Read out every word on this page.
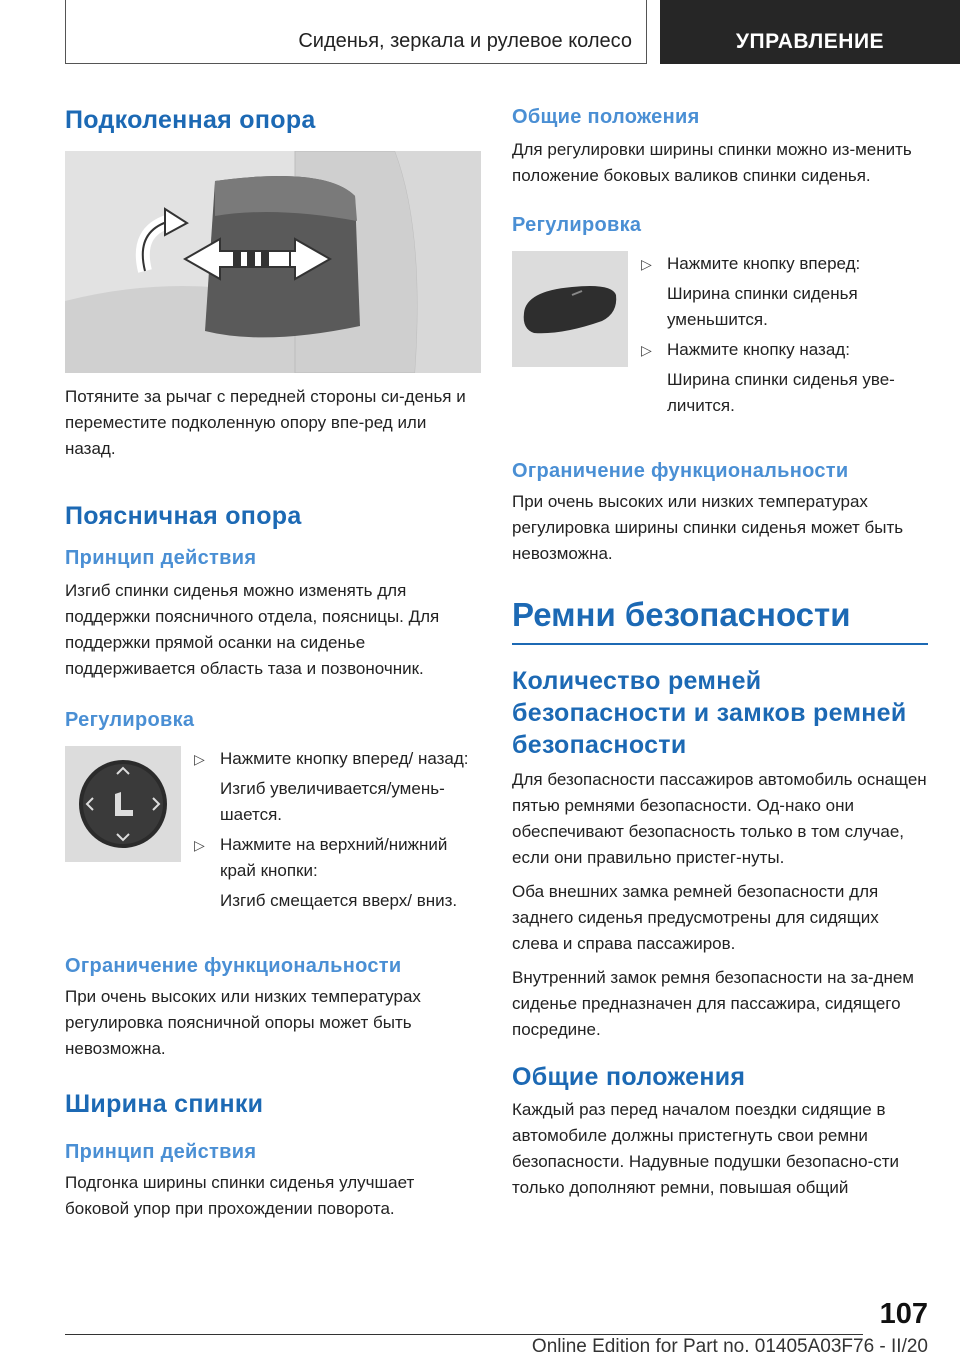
Сиденья, зеркала и рулевое колесо	УПРАВЛЕНИЕ
Подколенная опора

Потяните за рычаг с передней стороны си-денья и переместите подколенную опору впе-ред или назад.

Поясничная опора
Принцип действия

Изгиб спинки сиденья можно изменять для поддержки поясничного отдела, поясницы. Для поддержки прямой осанки на сиденье поддерживается область таза и позвоночник.

Регулировка
▷ Нажмите кнопку вперед/ назад:
Изгиб увеличивается/умень-шается.
▷ Нажмите на верхний/нижний край кнопки:
Изгиб смещается вверх/ вниз.
Ограничение функциональности

При очень высоких или низких температурах регулировка поясничной опоры может быть невозможна.

Ширина спинки
Принцип действия

Подгонка ширины спинки сиденья улучшает боковой упор при прохождении поворота.

Общие положения

Для регулировки ширины спинки можно из-менить положение боковых валиков спинки сиденья.

Регулировка
▷ Нажмите кнопку вперед:
Ширина спинки сиденья уменьшится.
▷ Нажмите кнопку назад:
Ширина спинки сиденья уве-личится.
Ограничение функциональности

При очень высоких или низких температурах регулировка ширины спинки сиденья может быть невозможна.

Ремни безопасности
Количество ремней безопасности и замков ремней безопасности

Для безопасности пассажиров автомобиль оснащен пятью ремнями безопасности. Од-нако они обеспечивают безопасность только в том случае, если они правильно пристег-нуты.

Оба внешних замка ремней безопасности для заднего сиденья предусмотрены для сидящих слева и справа пассажиров.

Внутренний замок ремня безопасности на за-днем сиденье предназначен для пассажира, сидящего посредине.

Общие положения

Каждый раз перед началом поездки сидящие в автомобиле должны пристегнуть свои ремни безопасности. Надувные подушки безопасно-сти только дополняют ремни, повышая общий

107
Online Edition for Part no. 01405A03F76 - II/20
